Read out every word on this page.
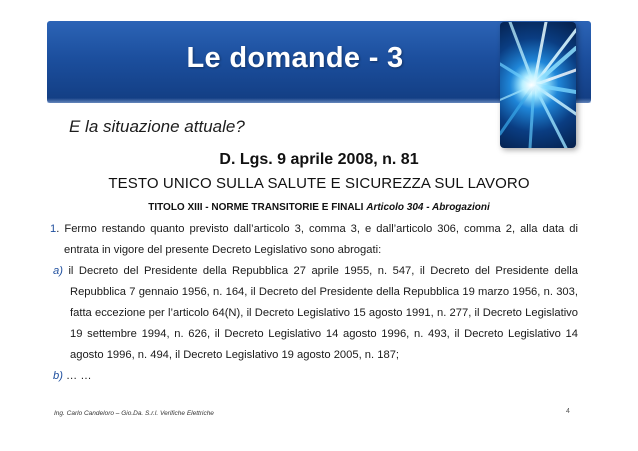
Le domande - 3
E la situazione attuale?
D. Lgs. 9 aprile 2008, n. 81
TESTO UNICO SULLA SALUTE E SICUREZZA SUL LAVORO
TITOLO XIII - NORME TRANSITORIE E FINALI Articolo 304 - Abrogazioni
1. Fermo restando quanto previsto dall’articolo 3, comma 3, e dall’articolo 306, comma 2, alla data di entrata in vigore del presente Decreto Legislativo sono abrogati:
a) il Decreto del Presidente della Repubblica 27 aprile 1955, n. 547, il Decreto del Presidente della Repubblica 7 gennaio 1956, n. 164, il Decreto del Presidente della Repubblica 19 marzo 1956, n. 303, fatta eccezione per l’articolo 64(N), il Decreto Legislativo 15 agosto 1991, n. 277, il Decreto Legislativo 19 settembre 1994, n. 626, il Decreto Legislativo 14 agosto 1996, n. 493, il Decreto Legislativo 14 agosto 1996, n. 494, il Decreto Legislativo 19 agosto 2005, n. 187;
b) … …
Ing. Carlo Candeloro – Gio.Da. S.r.l. Verifiche Elettriche	4
